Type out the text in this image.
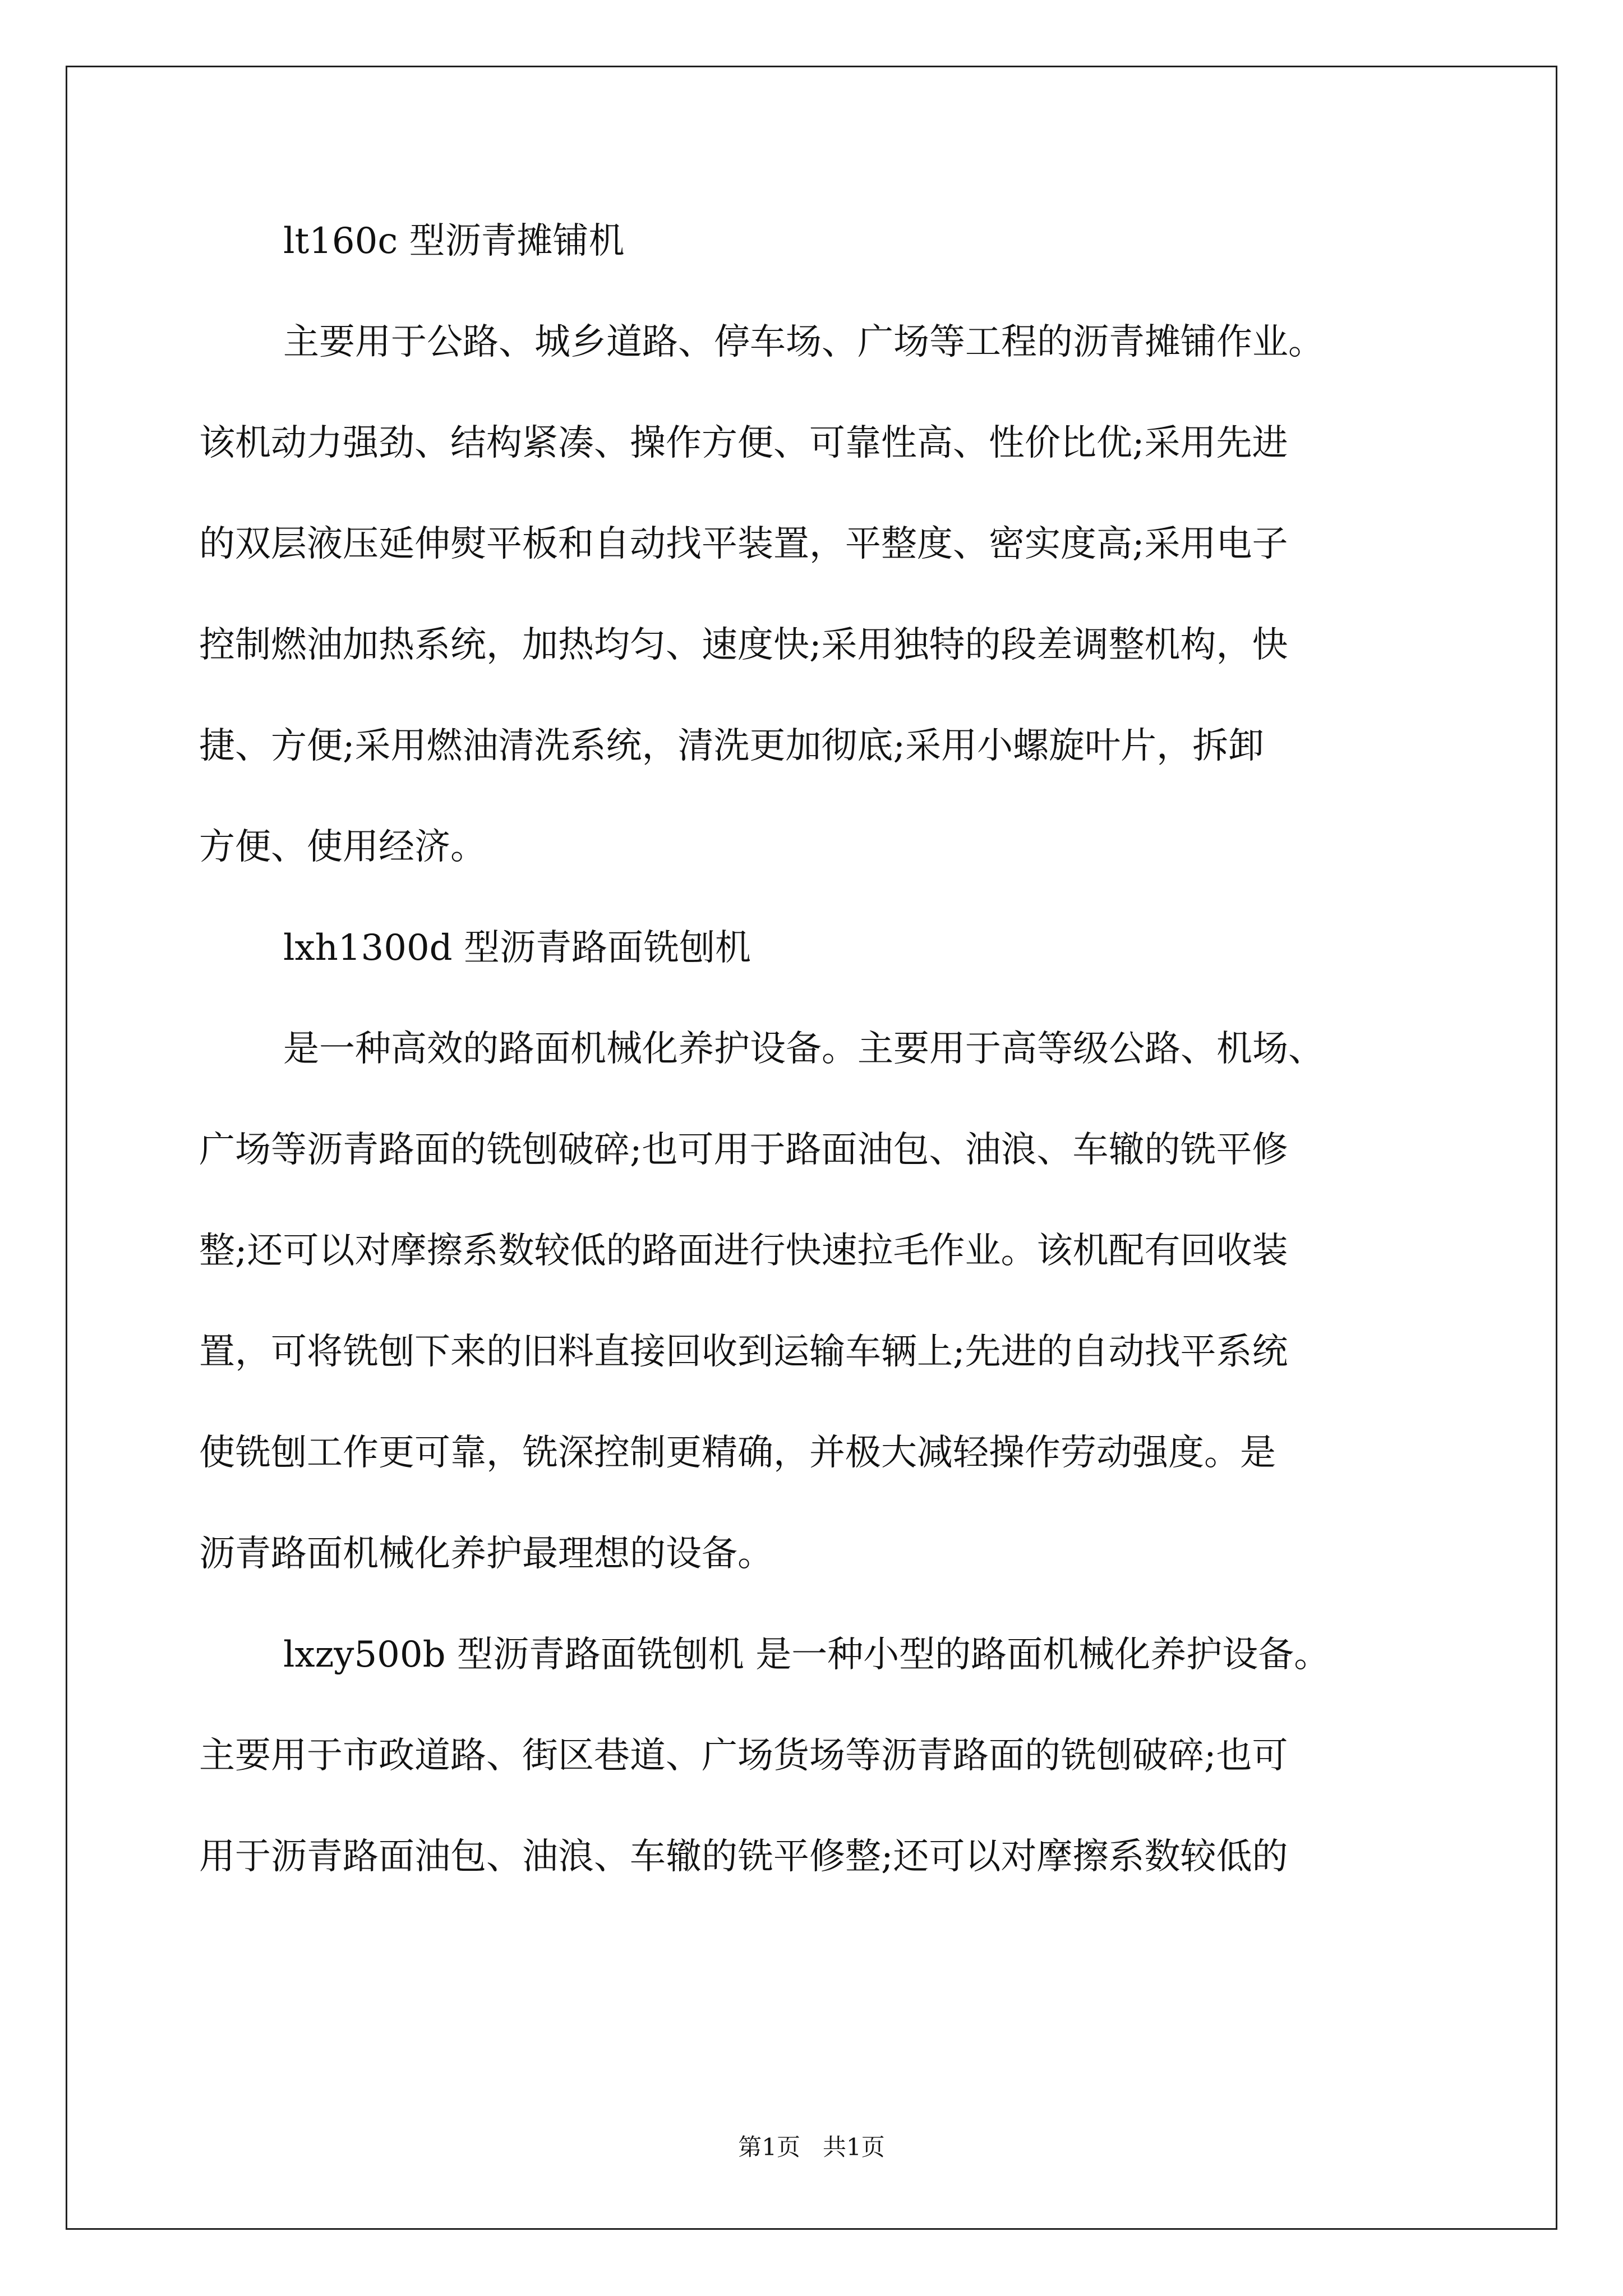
lt160c 型沥青摊铺机
主要用于公路、城乡道路、停车场、广场等工程的沥青摊铺作业。
该机动力强劲、结构紧凑、操作方便、可靠性高、性价比优;采用先进
的双层液压延伸熨平板和自动找平装置，平整度、密实度高;采用电子
控制燃油加热系统，加热均匀、速度快;采用独特的段差调整机构，快
捷、方便;采用燃油清洗系统，清洗更加彻底;采用小螺旋叶片，拆卸
方便、使用经济。
lxh1300d 型沥青路面铣刨机
是一种高效的路面机械化养护设备。主要用于高等级公路、机场、
广场等沥青路面的铣刨破碎;也可用于路面油包、油浪、车辙的铣平修
整;还可以对摩擦系数较低的路面进行快速拉毛作业。该机配有回收装
置，可将铣刨下来的旧料直接回收到运输车辆上;先进的自动找平系统
使铣刨工作更可靠，铣深控制更精确，并极大减轻操作劳动强度。是
沥青路面机械化养护最理想的设备。
lxzy500b 型沥青路面铣刨机 是一种小型的路面机械化养护设备。
主要用于市政道路、街区巷道、广场货场等沥青路面的铣刨破碎;也可
用于沥青路面油包、油浪、车辙的铣平修整;还可以对摩擦系数较低的
第1页   共1页
